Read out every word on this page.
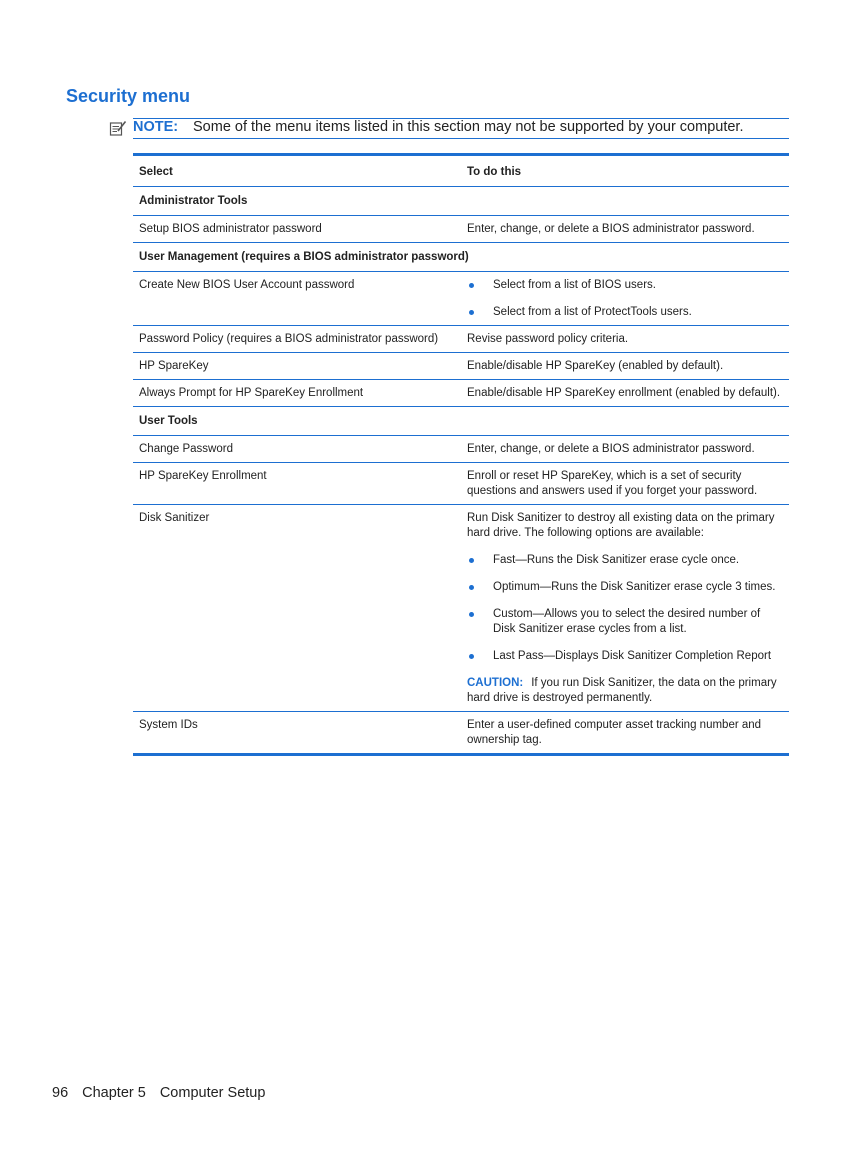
Security menu
NOTE: Some of the menu items listed in this section may not be supported by your computer.
Select	To do this
Administrator Tools
Setup BIOS administrator password	Enter, change, or delete a BIOS administrator password.
User Management (requires a BIOS administrator password)
Create New BIOS User Account password	Select from a list of BIOS users.
Select from a list of ProtectTools users.
Password Policy (requires a BIOS administrator password)	Revise password policy criteria.
HP SpareKey	Enable/disable HP SpareKey (enabled by default).
Always Prompt for HP SpareKey Enrollment	Enable/disable HP SpareKey enrollment (enabled by default).
User Tools
Change Password	Enter, change, or delete a BIOS administrator password.
HP SpareKey Enrollment	Enroll or reset HP SpareKey, which is a set of security questions and answers used if you forget your password.
Disk Sanitizer	Run Disk Sanitizer to destroy all existing data on the primary hard drive. The following options are available:
Fast—Runs the Disk Sanitizer erase cycle once.
Optimum—Runs the Disk Sanitizer erase cycle 3 times.
Custom—Allows you to select the desired number of Disk Sanitizer erase cycles from a list.
Last Pass—Displays Disk Sanitizer Completion Report
CAUTION: If you run Disk Sanitizer, the data on the primary hard drive is destroyed permanently.
System IDs	Enter a user-defined computer asset tracking number and ownership tag.
96 Chapter 5 Computer Setup
